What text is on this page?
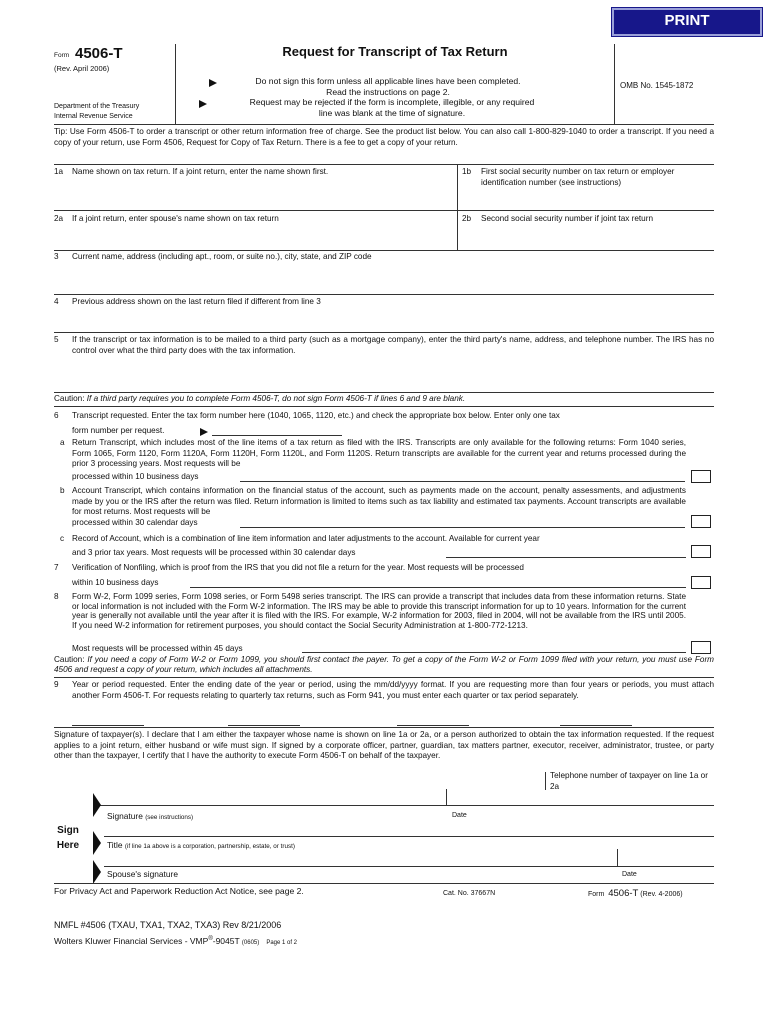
PRINT
Form 4506-T
(Rev. April 2006)
Department of the Treasury
Internal Revenue Service
Request for Transcript of Tax Return
Do not sign this form unless all applicable lines have been completed.
Read the instructions on page 2.
Request may be rejected if the form is incomplete, illegible, or any required
line was blank at the time of signature.
OMB No. 1545-1872
Tip: Use Form 4506-T to order a transcript or other return information free of charge. See the product list below. You can also call 1-800-829-1040 to order a transcript. If you need a copy of your return, use Form 4506, Request for Copy of Tax Return. There is a fee to get a copy of your return.
1a Name shown on tax return. If a joint return, enter the name shown first.	1b First social security number on tax return or employer identification number (see instructions)
2a If a joint return, enter spouse's name shown on tax return	2b Second social security number if joint tax return
3 Current name, address (including apt., room, or suite no.), city, state, and ZIP code
4 Previous address shown on the last return filed if different from line 3
5 If the transcript or tax information is to be mailed to a third party (such as a mortgage company), enter the third party's name, address, and telephone number. The IRS has no control over what the third party does with the tax information.
Caution: If a third party requires you to complete Form 4506-T, do not sign Form 4506-T if lines 6 and 9 are blank.
6 Transcript requested. Enter the tax form number here (1040, 1065, 1120, etc.) and check the appropriate box below. Enter only one tax
form number per request.
a Return Transcript, which includes most of the line items of a tax return as filed with the IRS. Transcripts are only available for the following returns: Form 1040 series, Form 1065, Form 1120, Form 1120A, Form 1120H, Form 1120L, and Form 1120S. Return transcripts are available for the current year and returns processed during the prior 3 processing years. Most requests will be
processed within 10 business days
b Account Transcript, which contains information on the financial status of the account, such as payments made on the account, penalty assessments, and adjustments made by you or the IRS after the return was filed. Return information is limited to items such as tax liability and estimated tax payments. Account transcripts are available for most returns. Most requests will be
processed within 30 calendar days
c Record of Account, which is a combination of line item information and later adjustments to the account. Available for current year
and 3 prior tax years. Most requests will be processed within 30 calendar days
7 Verification of Nonfiling, which is proof from the IRS that you did not file a return for the year. Most requests will be processed
within 10 business days
8 Form W-2, Form 1099 series, Form 1098 series, or Form 5498 series transcript. The IRS can provide a transcript that includes data from these information returns. State or local information is not included with the Form W-2 information. The IRS may be able to provide this transcript information for up to 10 years. Information for the current year is generally not available until the year after it is filed with the IRS. For example, W-2 information for 2003, filed in 2004, will not be available from the IRS until 2005. If you need W-2 information for retirement purposes, you should contact the Social Security Administration at 1-800-772-1213.
Most requests will be processed within 45 days
Caution: If you need a copy of Form W-2 or Form 1099, you should first contact the payer. To get a copy of the Form W-2 or Form 1099 filed with your return, you must use Form 4506 and request a copy of your return, which includes all attachments.
9 Year or period requested. Enter the ending date of the year or period, using the mm/dd/yyyy format. If you are requesting more than four years or periods, you must attach another Form 4506-T. For requests relating to quarterly tax returns, such as Form 941, you must enter each quarter or tax period separately.
Signature of taxpayer(s). I declare that I am either the taxpayer whose name is shown on line 1a or 2a, or a person authorized to obtain the tax information requested. If the request applies to a joint return, either husband or wife must sign. If signed by a corporate officer, partner, guardian, tax matters partner, executor, receiver, administrator, trustee, or party other than the taxpayer, I certify that I have the authority to execute Form 4506-T on behalf of the taxpayer.
Telephone number of taxpayer on line 1a or 2a
Sign
Here
Signature (see instructions)	Date
Title (if line 1a above is a corporation, partnership, estate, or trust)
Spouse's signature	Date
For Privacy Act and Paperwork Reduction Act Notice, see page 2.	Cat. No. 37667N	Form 4506-T (Rev. 4-2006)
NMFL #4506 (TXAU, TXA1, TXA2, TXA3) Rev 8/21/2006
Wolters Kluwer Financial Services - VMP®-9045T (0605) Page 1 of 2
